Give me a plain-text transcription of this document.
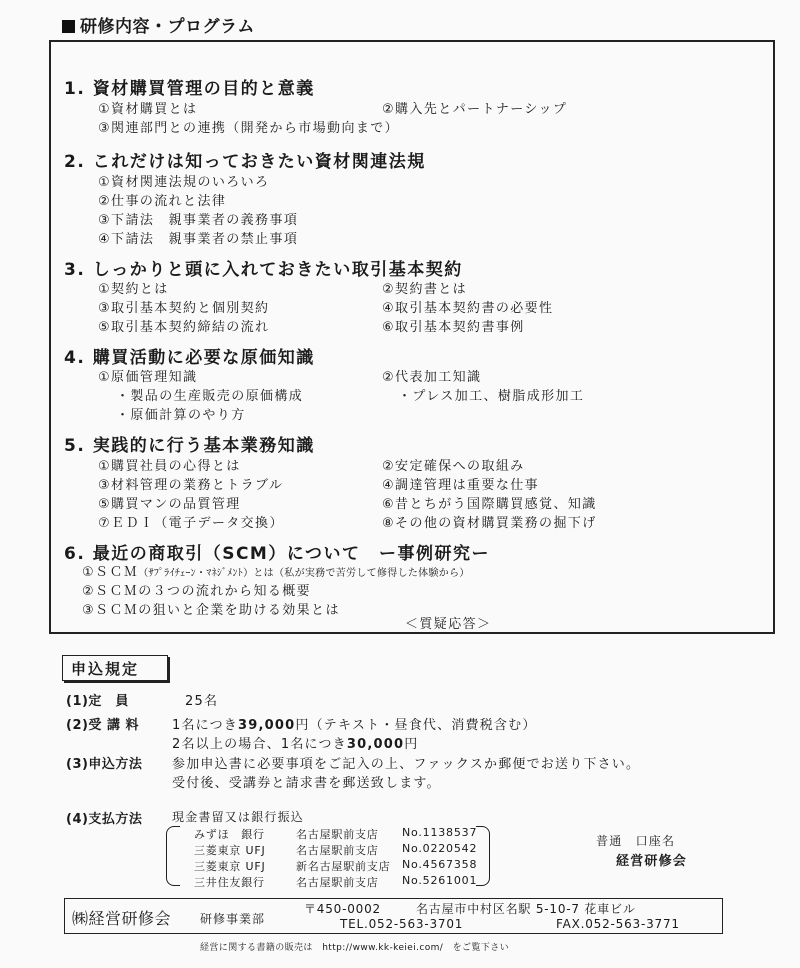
研修内容・プログラム
1. 資材購買管理の目的と意義
①資材購買とは	②購入先とパートナーシップ
③関連部門との連携（開発から市場動向まで）
2. これだけは知っておきたい資材関連法規
①資材関連法規のいろいろ
②仕事の流れと法律
③下請法　親事業者の義務事項
④下請法　親事業者の禁止事項
3. しっかりと頭に入れておきたい取引基本契約
①契約とは	②契約書とは
③取引基本契約と個別契約	④取引基本契約書の必要性
⑤取引基本契約締結の流れ	⑥取引基本契約書事例
4. 購買活動に必要な原価知識
①原価管理知識	②代表加工知識
・製品の生産販売の原価構成	・プレス加工、樹脂成形加工
・原価計算のやり方
5. 実践的に行う基本業務知識
①購買社員の心得とは	②安定確保への取組み
③材料管理の業務とトラブル	④調達管理は重要な仕事
⑤購買マンの品質管理	⑥昔とちがう国際購買感覚、知識
⑦ＥＤＩ（電子データ交換）	⑧その他の資材購買業務の掘下げ
6. 最近の商取引（SCM）について　ー事例研究ー
①ＳＣＭ（ｻﾌﾟﾗｲﾁｪｰﾝ・ﾏﾈｼﾞﾒﾝﾄ）とは（私が実務で苦労して修得した体験から）
②ＳＣＭの３つの流れから知る概要
③ＳＣＭの狙いと企業を助ける効果とは
＜質疑応答＞
申込規定
(1)定　員	25名
(2)受 講 料	1名につき39,000円（テキスト・昼食代、消費税含む）
2名以上の場合、1名につき30,000円
(3)申込方法 参加申込書に必要事項をご記入の上、ファックスか郵便でお送り下さい。
受付後、受講券と請求書を郵送致します。
(4)支払方法 現金書留又は銀行振込
みずほ　銀行	名古屋駅前支店 No.1138537
三菱東京 UFJ	名古屋駅前支店 No.0220542
三菱東京 UFJ	新名古屋駅前支店 No.4567358
三井住友銀行	名古屋駅前支店 No.5261001
普通　口座名
経営研修会
㈱経営研修会 研修事業部
〒450-0002	名古屋市中村区名駅 5-10-7 花車ビル
TEL.052-563-3701	FAX.052-563-3771
経営に関する書籍の販売は　http://www.kk-keiei.com/　をご覧下さい
